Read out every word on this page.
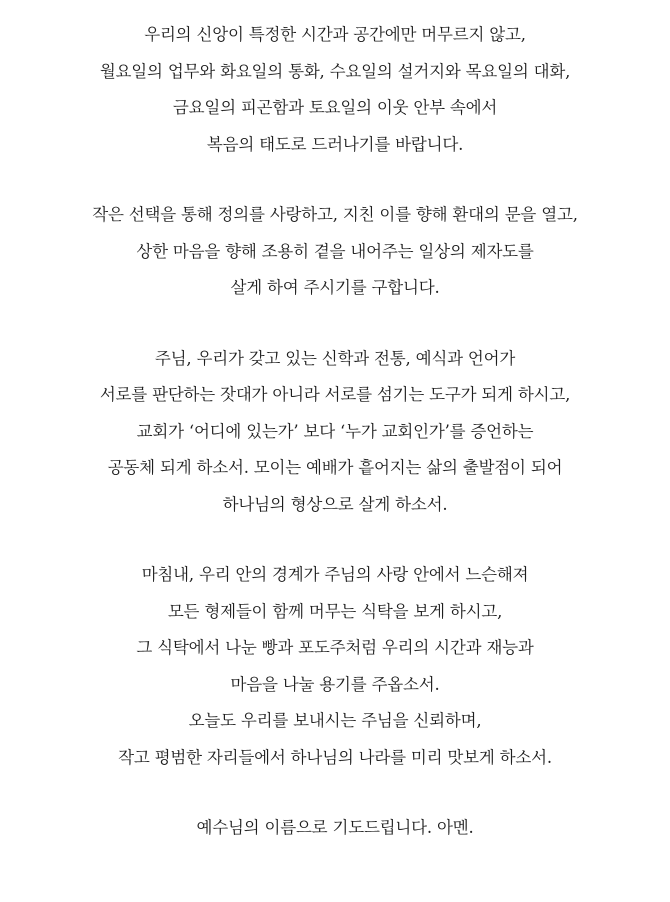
우리의 신앙이 특정한 시간과 공간에만 머무르지 않고,
월요일의 업무와 화요일의 통화, 수요일의 설거지와 목요일의 대화,
금요일의 피곤함과 토요일의 이웃 안부 속에서
복음의 태도로 드러나기를 바랍니다.
작은 선택을 통해 정의를 사랑하고, 지친 이를 향해 환대의 문을 열고,
상한 마음을 향해 조용히 곁을 내어주는 일상의 제자도를
살게 하여 주시기를 구합니다.
주님, 우리가 갖고 있는 신학과 전통, 예식과 언어가
서로를 판단하는 잣대가 아니라 서로를 섬기는 도구가 되게 하시고,
교회가 ‘어디에 있는가’ 보다 ‘누가 교회인가’를 증언하는
공동체 되게 하소서. 모이는 예배가 흩어지는 삶의 출발점이 되어
하나님의 형상으로 살게 하소서.
마침내, 우리 안의 경계가 주님의 사랑 안에서 느슨해져
모든 형제들이 함께 머무는 식탁을 보게 하시고,
그 식탁에서 나눈 빵과 포도주처럼 우리의 시간과 재능과
마음을 나눌 용기를 주옵소서.
오늘도 우리를 보내시는 주님을 신뢰하며,
작고 평범한 자리들에서 하나님의 나라를 미리 맛보게 하소서.
예수님의 이름으로 기도드립니다. 아멘.
